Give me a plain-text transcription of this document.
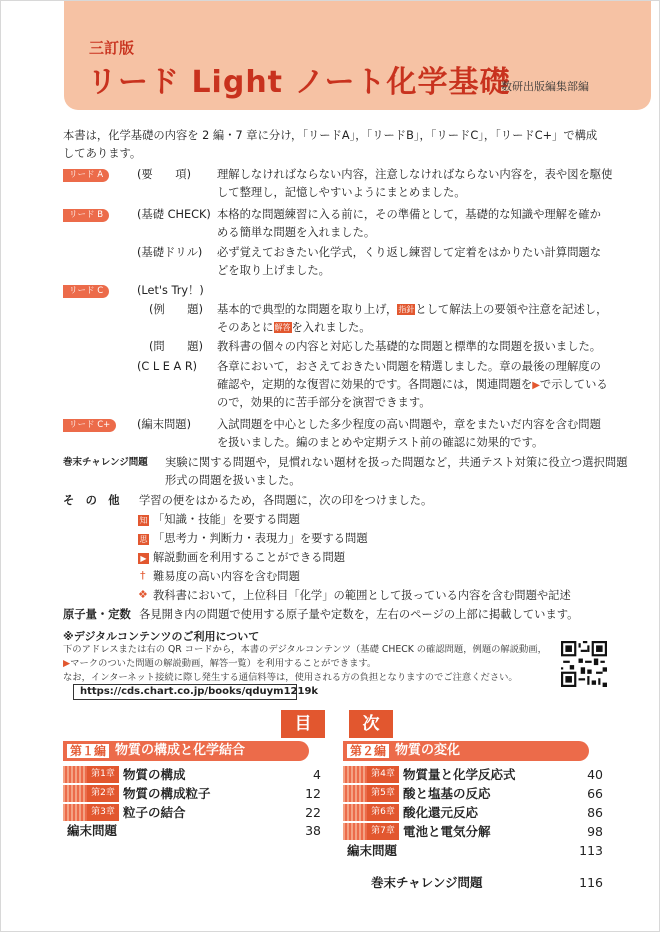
三訂版
リード Light ノート化学基礎
数研出版編集部編
本書は，化学基礎の内容を 2 編・7 章に分け，「リードA」，「リードB」，「リードC」，「リードC+」で構成
してあります。
リード A	(要　　項) 理解しなければならない内容，注意しなければならない内容を，表や図を駆使
して整理し，記憶しやすいようにまとめました。
リード B	(基礎 CHECK) 本格的な問題練習に入る前に，その準備として，基礎的な知識や理解を確か
める簡単な問題を入れました。
(基礎ドリル) 必ず覚えておきたい化学式，くり返し練習して定着をはかりたい計算問題な
どを取り上げました。
リード C	(Let's Try！)
(例　　題) 基本的で典型的な問題を取り上げ，指針として解法上の要領や注意を記述し，
そのあとに解答を入れました。
(問　　題) 教科書の個々の内容と対応した基礎的な問題と標準的な問題を扱いました。
(C L E A R) 各章において，おさえておきたい問題を精選しました。章の最後の理解度の
確認や，定期的な復習に効果的です。各問題には，関連問題を▶で示している
ので，効果的に苦手部分を演習できます。
リード C+	(編末問題) 入試問題を中心とした多少程度の高い問題や，章をまたいだ内容を含む問題
を扱いました。編のまとめや定期テスト前の確認に効果的です。
巻末チャレンジ問題 実験に関する問題や，見慣れない題材を扱った問題など，共通テスト対策に役立つ選択問題
形式の問題を扱いました。
そ　の　他 学習の便をはかるため，各問題に，次の印をつけました。
知 「知識・技能」を要する問題
思 「思考力・判断力・表現力」を要する問題
▶ 解説動画を利用することができる問題
† 難易度の高い内容を含む問題
❖ 教科書において，上位科目「化学」の範囲として扱っている内容を含む問題や記述
原子量・定数 各見開き内の問題で使用する原子量や定数を，左右のページの上部に掲載しています。
※デジタルコンテンツのご利用について
下のアドレスまたは右の QR コードから，本書のデジタルコンテンツ（基礎 CHECK の確認問題，例題の解説動画，
▶マークのついた問題の解説動画，解答一覧）を利用することができます。
なお，インターネット接続に際し発生する通信料等は，使用される方の負担となりますのでご注意ください。
https://cds.chart.co.jp/books/qduym1219k
目	次
第１編 物質の構成と化学結合
第1章 物質の構成	4
第2章 物質の構成粒子	12
第3章 粒子の結合	22
編末問題	38
第２編 物質の変化
第4章 物質量と化学反応式	40
第5章 酸と塩基の反応	66
第6章 酸化還元反応	86
第7章 電池と電気分解	98
編末問題	113
巻末チャレンジ問題	116
